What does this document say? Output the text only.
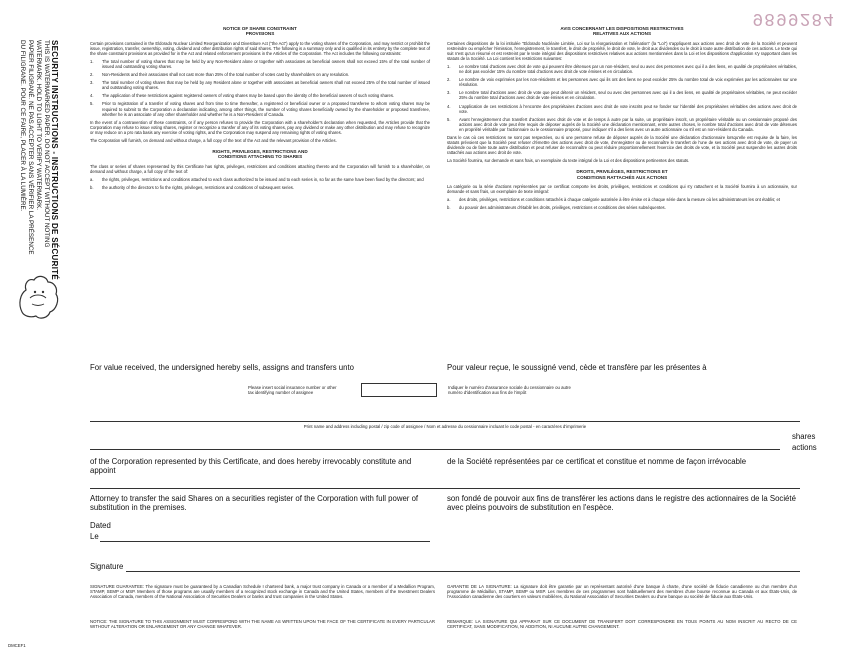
SECURITY INSTRUCTIONS - INSTRUCTIONS DE SÉCURITÉ
THIS IS WATERMARKED PAPER. DO NOT ACCEPT WITHOUT NOTING
WATERMARK. HOLD TO LIGHT TO VERIFY WATERMARK.
PAPIER FILIGRANÉ. NE PAS ACCEPTER SANS VÉRIFIER LA PRÉSENCE
DU FILIGRANE. POUR CE FAIRE, PLACER À LA LUMIÈRE.
9899284
NOTICE OF SHARE CONSTRAINT
PROVISIONS

Certain provisions contained in the Eldorado Nuclear Limited Reorganization and Divestiture Act ("the Act") apply to the voting shares of the Corporation, and may restrict or prohibit the issue, registration, transfer, ownership, voting, dividend and other distribution rights of said shares. The following is a summary only and is qualified in its entirety by the complete text of the share constraint provisions as provided for in the Act and related enforcement provisions in the Articles of the Corporation. The Act includes the following constraints:

1.	The total number of voting shares that may be held by any Non-Resident alone or together with associates as beneficial owners shall not exceed 15% of the total number of issued and outstanding voting shares.
2.	Non-Residents and their associates shall not cast more than 25% of the total number of votes cast by shareholders on any resolution.
3.	The total number of voting shares that may be held by any Resident alone or together with associates as beneficial owners shall not exceed 25% of the total number of issued and outstanding voting shares.
4.	The application of these restrictions against registered owners of voting shares may be based upon the identity of the beneficial owners of such voting shares.
5.	Prior to registration of a transfer of voting shares and from time to time thereafter, a registered or beneficial owner or a proposed transferee to whom voting shares may be required to submit to the Corporation a declaration indicating, among other things, the number of voting shares beneficially owned by the shareholder or proposed transferee, whether he is an associate of any other shareholder and whether he is a Non-Resident of Canada.

In the event of a contravention of these constraints, or if any person refuses to provide the Corporation with a shareholder's declaration when requested, the Articles provide that the Corporation may refuse to issue voting shares, register or recognize a transfer of any of its voting shares, pay any dividend or make any other distribution and may refuse to recognize or may reduce on a pro rata basis any exercise of voting rights, and the Corporation may suspend any remaining rights of voting shares.

The Corporation will furnish, on demand and without charge, a full copy of the text of the Act and the relevant provision of the Articles.

RIGHTS, PRIVILEGES, RESTRICTIONS AND
CONDITIONS ATTACHING TO SHARES

The class or series of shares represented by this Certificate has rights, privileges, restrictions and conditions attaching thereto and the Corporation will furnish to a shareholder, on demand and without charge, a full copy of the text of:

a.	the rights, privileges, restrictions and conditions attached to each class authorized to be issued and to each series in, so far as the same have been fixed by the directors; and
b.	the authority of the directors to fix the rights, privileges, restrictions and conditions of subsequent series.
AVIS CONCERNANT LES DISPOSITIONS RESTRICTIVES
RELATIVES AUX ACTIONS

Certaines dispositions de la loi intitulée "Eldorado Nucléaire Limitée, Loi sur la réorganisation et l'aliénation" (la "Loi") s'appliquent aux actions avec droit de vote de la Société et peuvent restreindre ou empêcher l'émission, l'enregistrement, le transfert, le droit de propriété, le droit de vote, le droit aux dividendes ou le droit à toute autre distribution de ces actions. Le texte qui suit n'est qu'un résumé et est restreint par le texte intégral des dispositions restrictives relatives aux actions mentionnées dans la Loi et les dispositions d'application s'y rapportant dans les statuts de la Société. La Loi contient les restrictions suivantes:

1.	Le nombre total d'actions avec droit de vote qui peuvent être détenues par un non-résident, seul ou avec des personnes avec qui il a des liens, en qualité de propriétaires véritables, ne doit pas excéder 15% du nombre total d'actions avec droit de vote émises et en circulation.
2.	Le nombre de voix exprimées par les non-résidents et les personnes avec qui ils ont des liens ne peut excéder 25% du nombre total de voix exprimées par les actionnaires sur une résolution.
3.	Le nombre total d'actions avec droit de vote que peut détenir un résident, seul ou avec des personnes avec qui il a des liens, en qualité de propriétaires véritables, ne peut excéder 25% du nombre total d'actions avec droit de vote émises et en circulation.
4.	L'application de ces restrictions à l'encontre des propriétaires d'actions avec droit de vote inscrits peut se fonder sur l'identité des propriétaires véritables des actions avec droit de vote.
5.	Avant l'enregistrement d'un transfert d'actions avec droit de vote et de temps à autre par la suite, un propriétaire inscrit, un propriétaire véritable ou un cessionnaire proposé des actions avec droit de vote peut être requis de déposer auprès de la Société une déclaration mentionnant, entre autres choses, le nombre total d'actions avec droit de vote détenues en propriété véritable par l'actionnaire ou le cessionnaire proposé, pour indiquer s'il a des liens avec un autre actionnaire ou s'il est un non-résident du Canada.

Dans le cas où ces restrictions ne sont pas respectées, ou si une personne refuse de déposer auprès de la Société une déclaration d'actionnaire lorsqu'elle est requise de la faire, les statuts prévoient que la Société peut refuser d'émettre des actions avec droit de vote, d'enregistrer ou de reconnaître le transfert de l'une de ses actions avec droit de vote, de payer un dividende ou de faire toute autre distribution et peut refuser de reconnaître ou peut réduire proportionnellement l'exercice des droits de vote, et la Société peut suspendre les autres droits rattachés aux actions avec droit de vote.

La Société fournira, sur demande et sans frais, un exemplaire du texte intégral de la Loi et des dispositions pertinentes des statuts.

DROITS, PRIVILÈGES, RESTRICTIONS ET
CONDITIONS RATTACHÉS AUX ACTIONS

La catégorie ou la série d'actions représentées par ce certificat comporte les droits, privilèges, restrictions et conditions qui s'y rattachent et la Société fournira à un actionnaire, sur demande et sans frais, un exemplaire de texte intégral:

a.	des droits, privilèges, restrictions et conditions rattachés à chaque catégorie autorisée à être émise et à chaque série dans la mesure où les administrateurs les ont établis; et
b.	du pouvoir des administrateurs d'établir les droits, privilèges, restrictions et conditions des séries subséquentes.
For value received, the undersigned hereby sells, assigns and transfers unto	Pour valeur reçue, le soussigné vend, cède et transfère par les présentes à
Please insert social insurance number or other
tax identifying number of assignee
Indiquer le numéro d'assurance sociale du cessionnaire ou autre
numéro d'identification aux fins de l'impôt
Print name and address including postal / zip code of assignee / Nom et adresse du cessionnaire incluant le code postal - en caractères d'imprimerie
shares
actions
of the Corporation represented by this Certificate, and does hereby irrevocably constitute and appoint
de la Société représentées par ce certificat et constitue et nomme de façon irrévocable
Attorney to transfer the said Shares on a securities register of the Corporation with full power of substitution in the premises.
son fondé de pouvoir aux fins de transférer les actions dans le registre des actionnaires de la Société avec pleins pouvoirs de substitution en l'espèce.
Dated
Le
Signature
SIGNATURE GUARANTEE: The signature must be guaranteed by a Canadian Schedule I chartered bank, a major trust company in Canada or a member of a Medallion Program, STAMP, SEMP or MSP. Members of those programs are usually members of a recognized stock exchange in Canada and the United States, members of the Investment Dealers Association of Canada, members of the National Association of Securities Dealers or banks and trust companies in the United States.
GARANTIE DE LA SIGNATURE: La signature doit être garantie par un représentant autorisé d'une banque à charte, d'une société de fiducie canadienne ou d'un membre d'un programme de Médaillon, STAMP, SEMP ou MSP. Les membres de ces programmes sont habituellement des membres d'une bourse reconnue au Canada et aux États-Unis, de l'Association canadienne des courtiers en valeurs mobilières, du National Association of Securities Dealers ou d'une banque ou société de fiducie aux États-Unis.
NOTICE: THE SIGNATURE TO THIS ASSIGNMENT MUST CORRESPOND WITH THE NAME AS WRITTEN UPON THE FACE OF THE CERTIFICATE IN EVERY PARTICULAR WITHOUT ALTERATION OR ENLARGEMENT OR ANY CHANGE WHATEVER.
REMARQUE: LA SIGNATURE QUI APPARAIT SUR CE DOCUMENT DE TRANSFERT DOIT CORRESPONDRE EN TOUS POINTS AU NOM INSCRIT AU RECTO DE CE CERTIFICAT, SANS MODIFICATION, NI ADDITION, NI AUCUNE AUTRE CHANGEMENT.
DMCEF1
